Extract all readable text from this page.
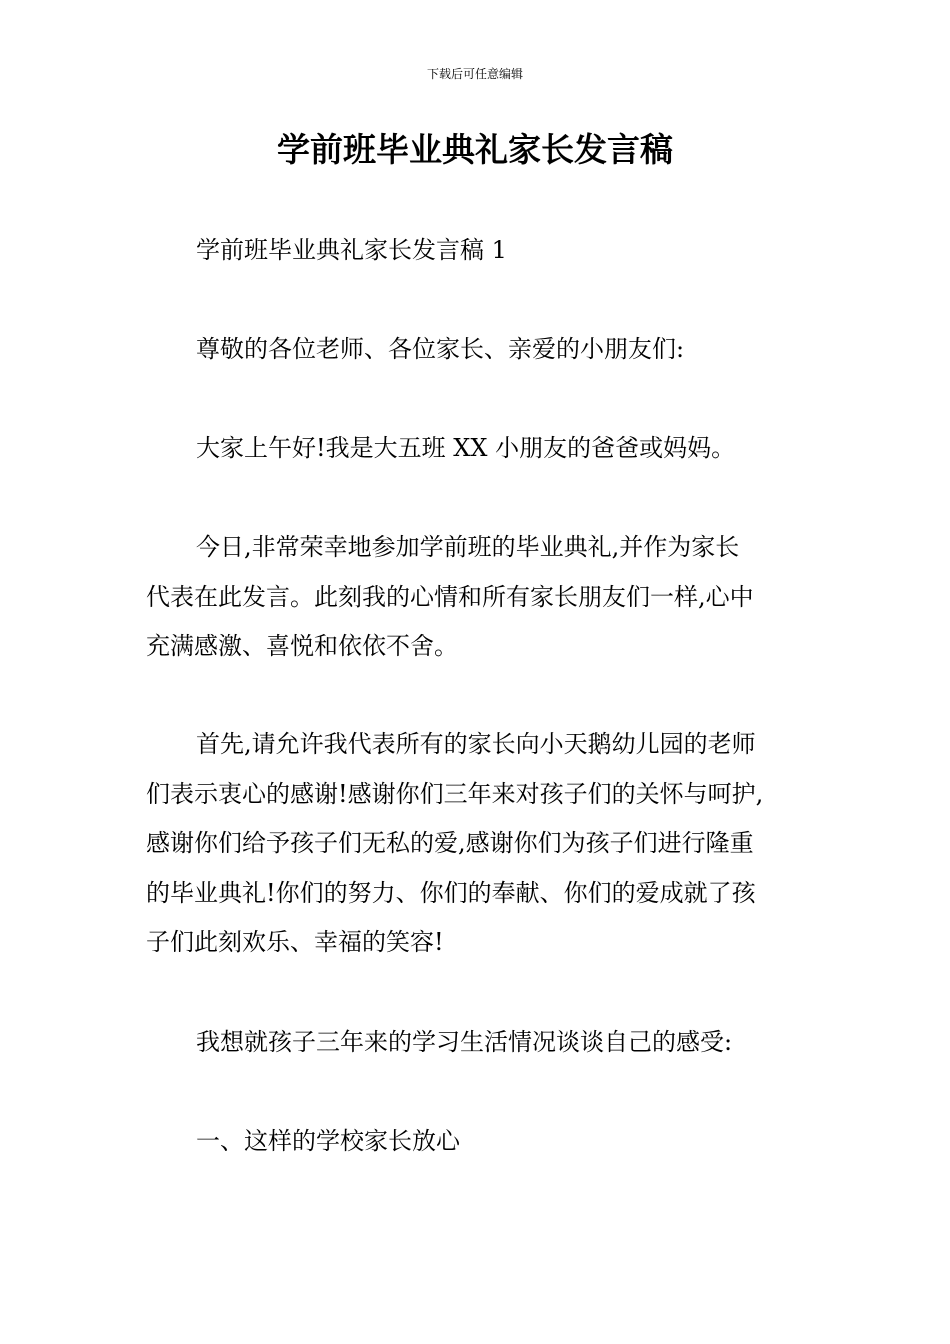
下载后可任意编辑
学前班毕业典礼家长发言稿

学前班毕业典礼家长发言稿 1

尊敬的各位老师、各位家长、亲爱的小朋友们:

大家上午好!我是大五班 XX 小朋友的爸爸或妈妈。

今日,非常荣幸地参加学前班的毕业典礼,并作为家长
代表在此发言。此刻我的心情和所有家长朋友们一样,心中
充满感激、喜悦和依依不舍。

首先,请允许我代表所有的家长向小天鹅幼儿园的老师
们表示衷心的感谢!感谢你们三年来对孩子们的关怀与呵护,
感谢你们给予孩子们无私的爱,感谢你们为孩子们进行隆重
的毕业典礼!你们的努力、你们的奉献、你们的爱成就了孩
子们此刻欢乐、幸福的笑容!

我想就孩子三年来的学习生活情况谈谈自己的感受:

一、这样的学校家长放心
